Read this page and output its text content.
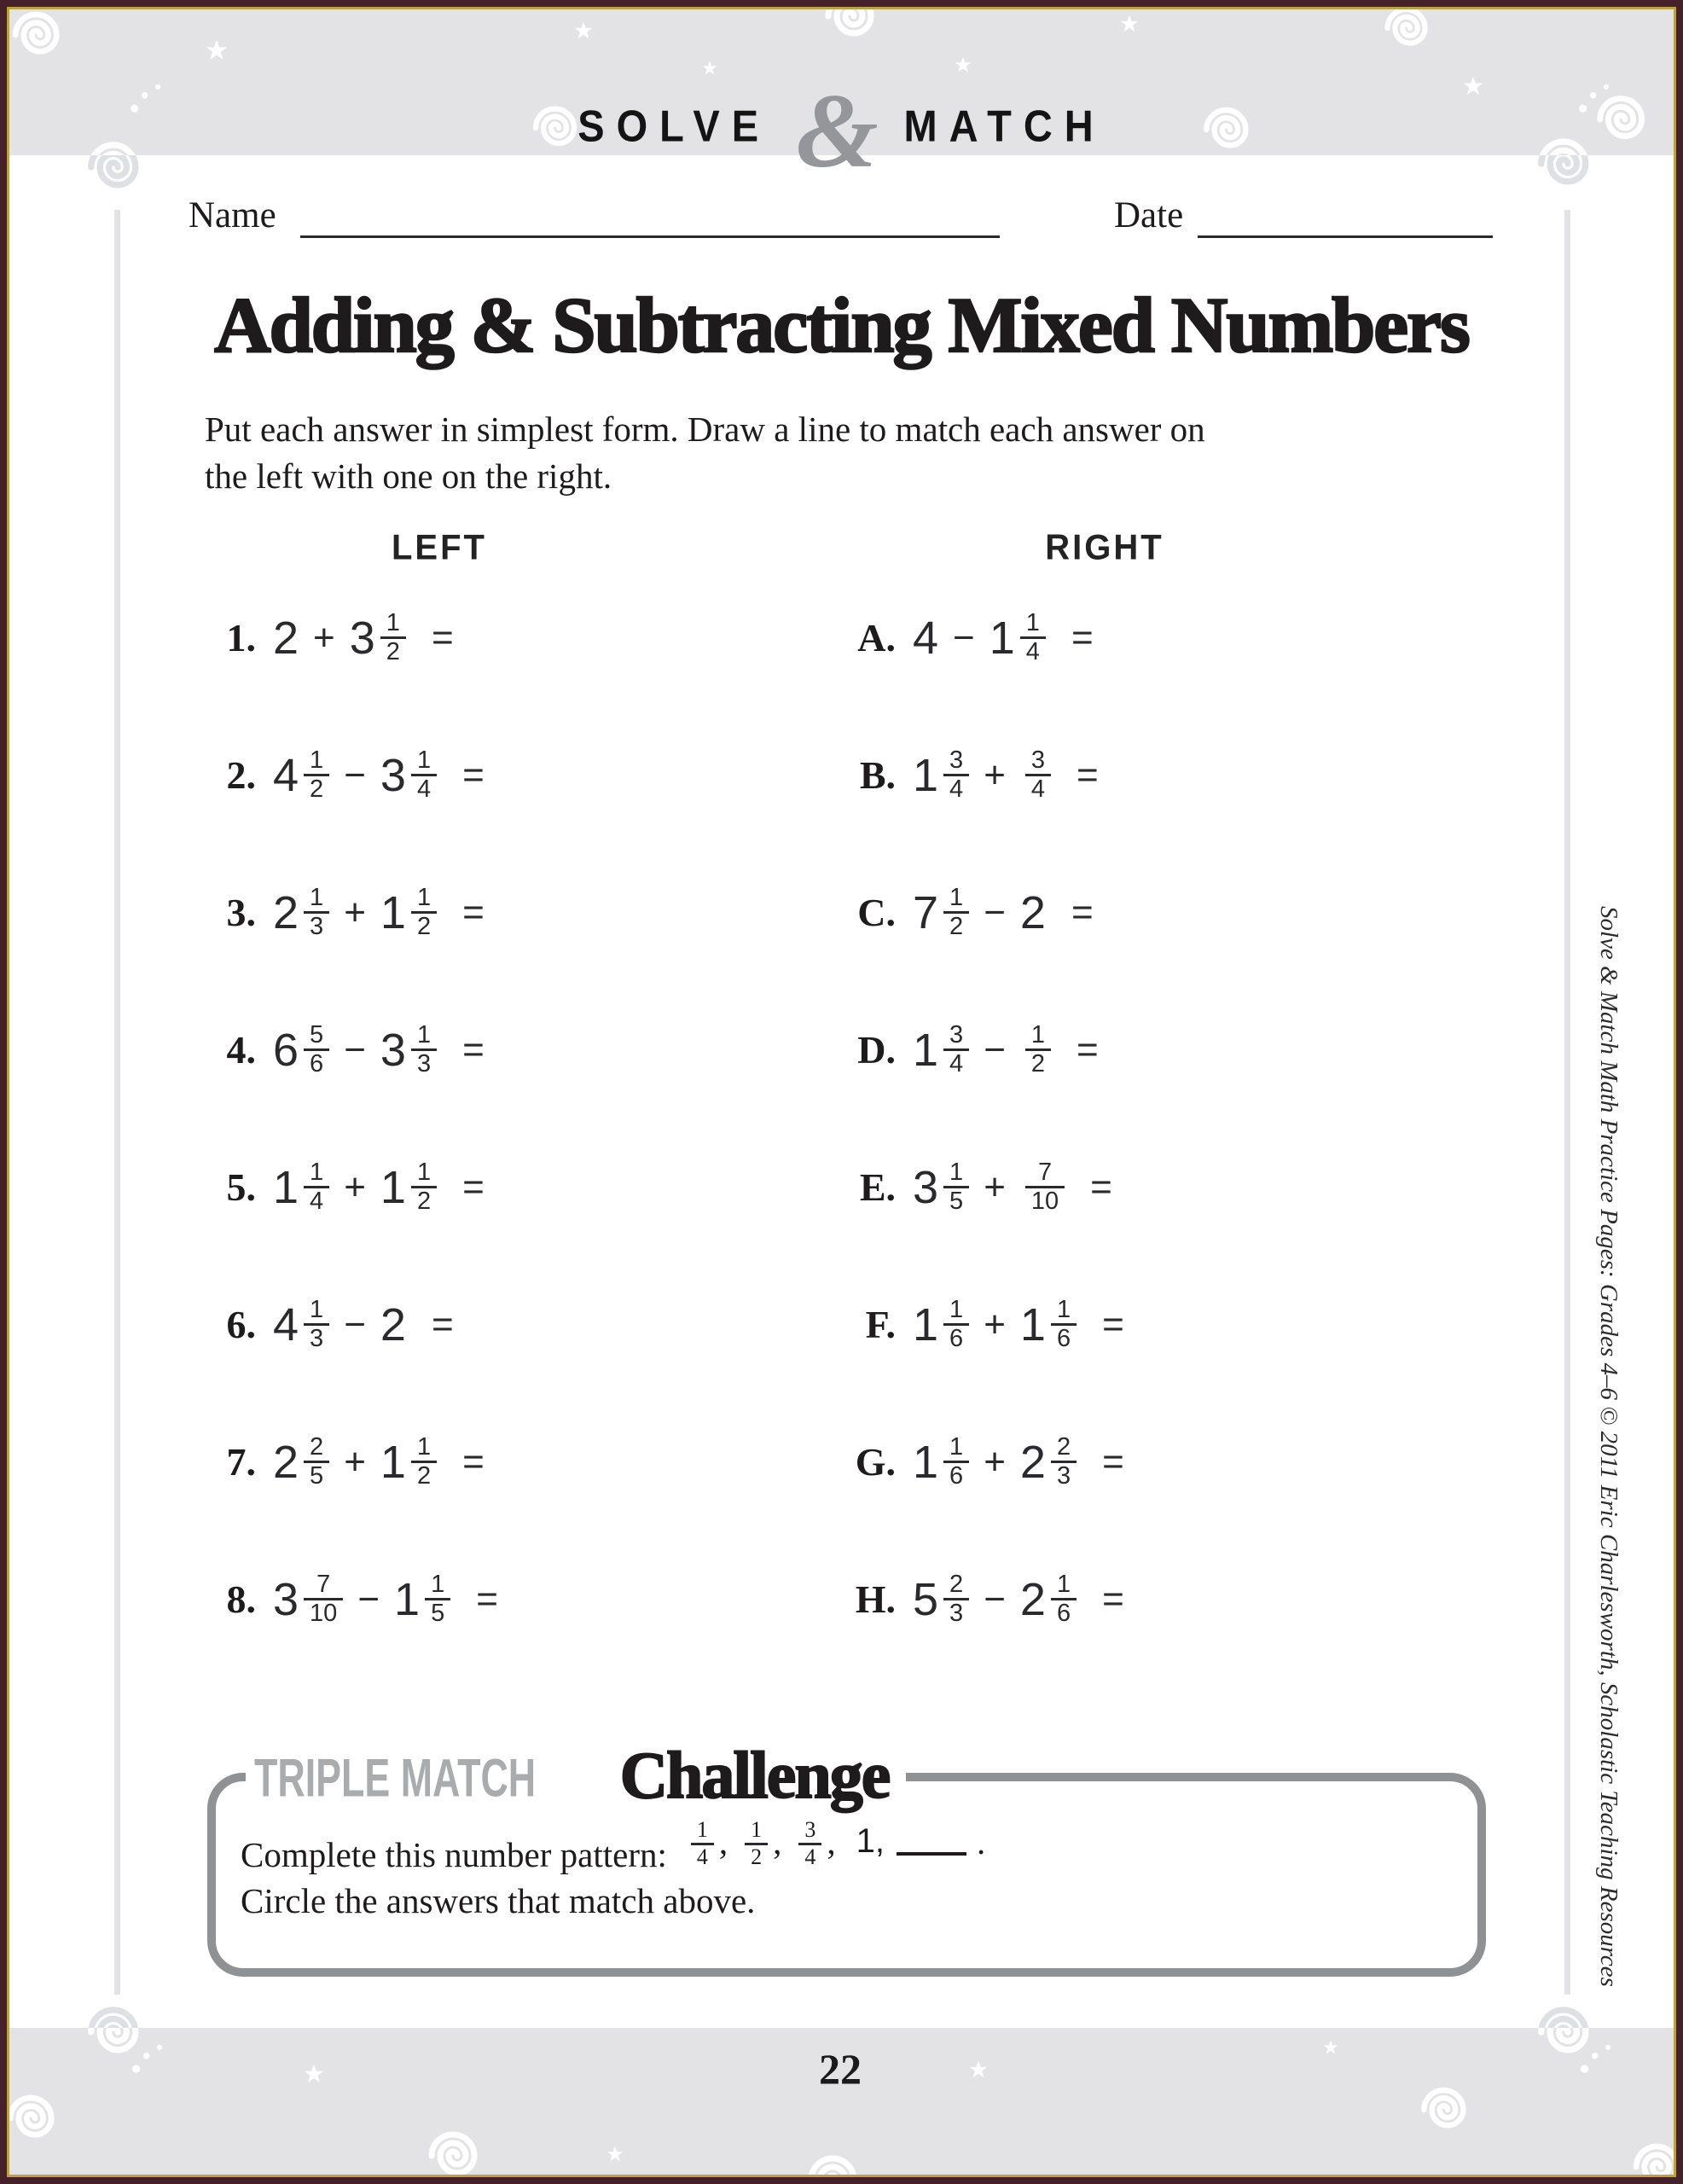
SOLVE & MATCH
Name	Date
Adding & Subtracting Mixed Numbers
Put each answer in simplest form. Draw a line to match each answer on
the left with one on the right.
LEFT	RIGHT
1. $2 + 3 \frac{1}{2}$ =
2. $4 \frac{1}{2} - 3 \frac{1}{4}$ =
3. $2 \frac{1}{3} + 1 \frac{1}{2}$ =
4. $6 \frac{5}{6} - 3 \frac{1}{3}$ =
5. $1 \frac{1}{4} + 1 \frac{1}{2}$ =
6. $4 \frac{1}{3} - 2$ =
7. $2 \frac{2}{5} + 1 \frac{1}{2}$ =
8. $3 \frac{7}{10} - 1 \frac{1}{5}$ =
A. $4 - 1 \frac{1}{4}$ =
B. $1 \frac{3}{4} + \frac{3}{4}$ =
C. $7 \frac{1}{2} - 2$ =
D. $1 \frac{3}{4} - \frac{1}{2}$ =
E. $3 \frac{1}{5} + \frac{7}{10}$ =
F. $1 \frac{1}{6} + 1 \frac{1}{6}$ =
G. $1 \frac{1}{6} + 2 \frac{2}{3}$ =
H. $5 \frac{2}{3} - 2 \frac{1}{6}$ =
TRIPLE MATCH Challenge
Complete this number pattern: $\frac{1}{4}$ , $\frac{1}{2}$ , $\frac{3}{4}$ , 1,	.
Circle the answers that match above.	Solve & Match Math Practice Pages: Grades 4–6 © 2011 Eric Charlesworth, Scholastic Teaching Resources
22
